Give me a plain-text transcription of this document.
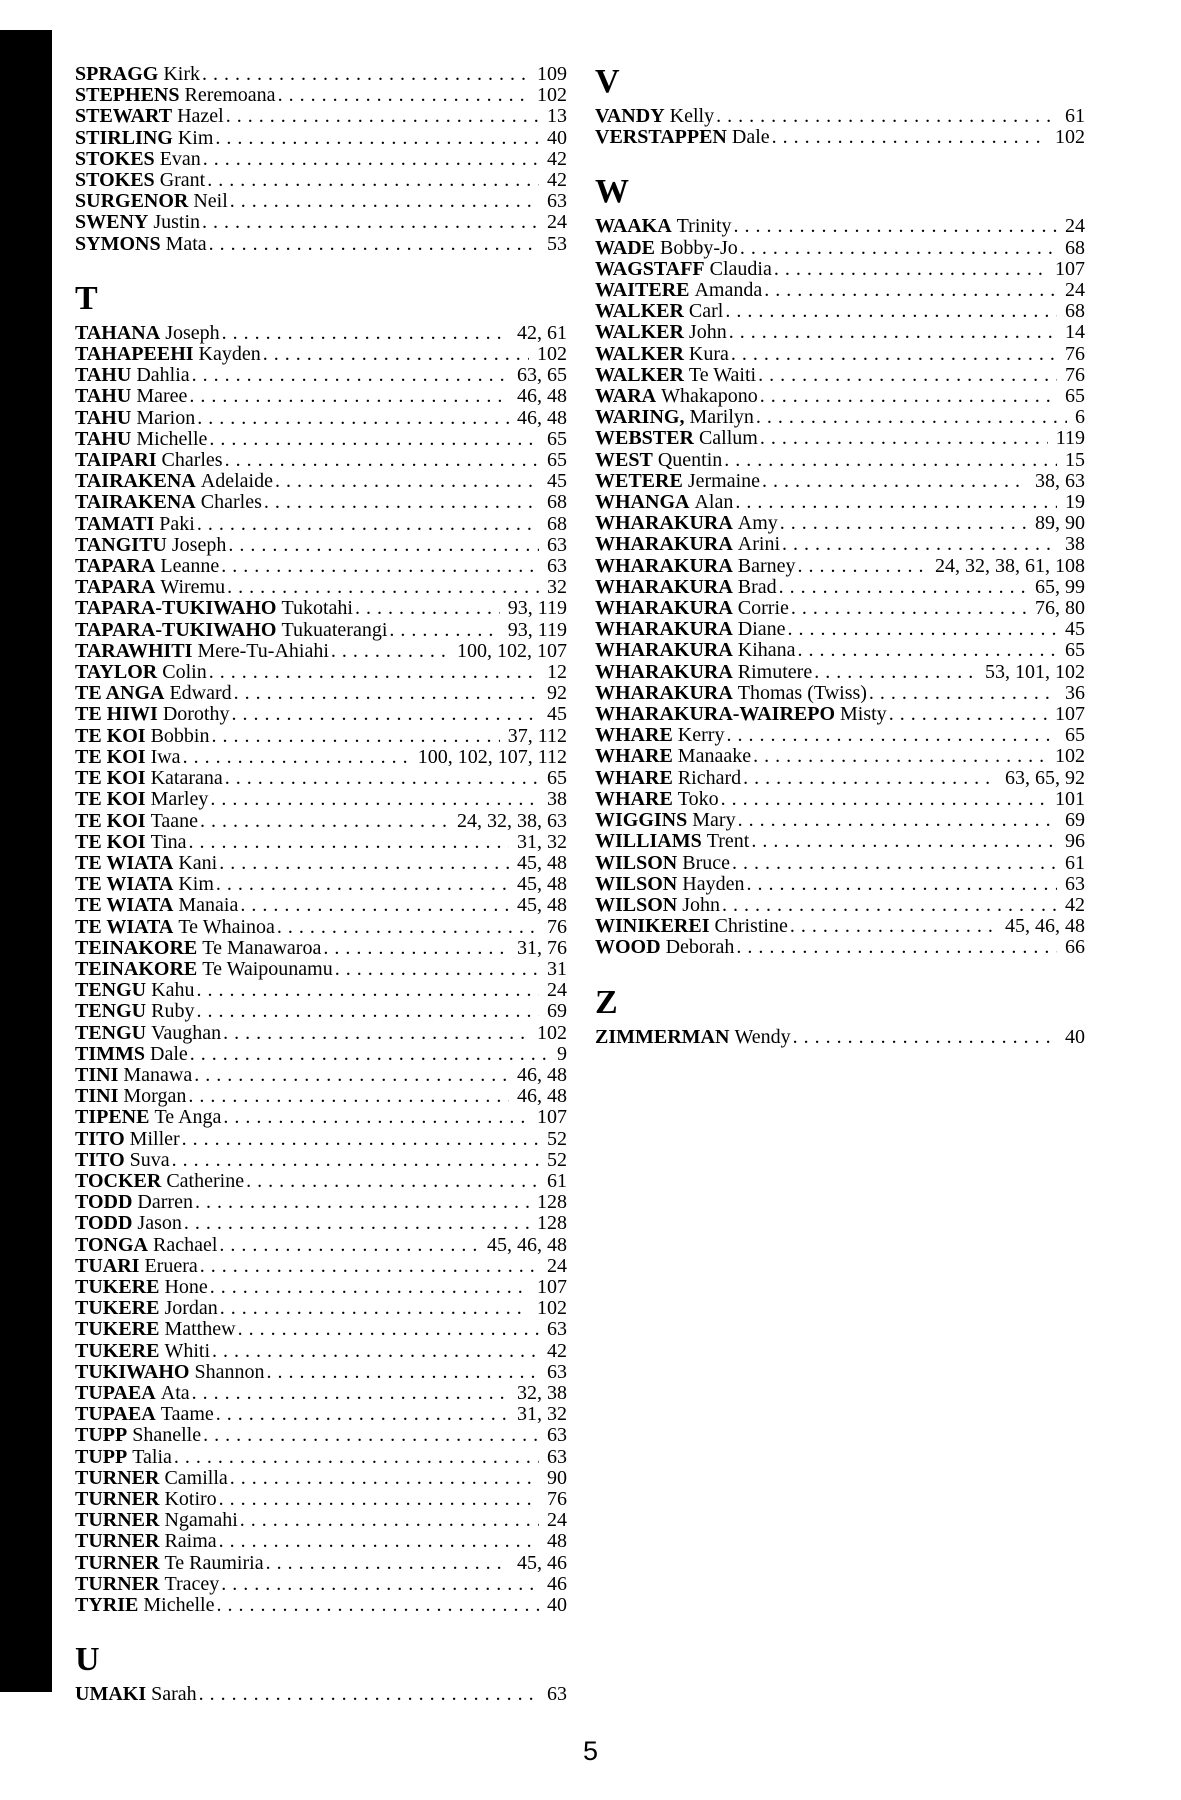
SPRAGG Kirk .....	109
STEPHENS Reremoana .....	102
STEWART Hazel .....	13
STIRLING Kim .....	40
STOKES Evan .....	42
STOKES Grant .....	42
SURGENOR Neil .....	63
SWENY Justin .....	24
SYMONS Mata .....	53
T
TAHANA Joseph .....	42, 61
TAHAPEEHI Kayden .....	102
TAHU Dahlia .....	63, 65
TAHU Maree .....	46, 48
TAHU Marion .....	46, 48
TAHU Michelle .....	65
TAIPARI Charles .....	65
TAIRAKENA Adelaide .....	45
TAIRAKENA Charles .....	68
TAMATI Paki .....	68
TANGITU Joseph .....	63
TAPARA Leanne .....	63
TAPARA Wiremu .....	32
TAPARA-TUKIWAHO Tukotahi .....	93, 119
TAPARA-TUKIWAHO Tukuaterangi .....	93, 119
TARAWHITI Mere-Tu-Ahiahi .....	100, 102, 107
TAYLOR Colin .....	12
TE ANGA Edward .....	92
TE HIWI Dorothy .....	45
TE KOI Bobbin .....	37, 112
TE KOI Iwa .....	100, 102, 107, 112
TE KOI Katarana .....	65
TE KOI Marley .....	38
TE KOI Taane .....	24, 32, 38, 63
TE KOI Tina .....	31, 32
TE WIATA Kani .....	45, 48
TE WIATA Kim .....	45, 48
TE WIATA Manaia .....	45, 48
TE WIATA Te Whainoa .....	76
TEINAKORE Te Manawaroa .....	31, 76
TEINAKORE Te Waipounamu .....	31
TENGU Kahu .....	24
TENGU Ruby .....	69
TENGU Vaughan .....	102
TIMMS Dale .....	9
TINI Manawa .....	46, 48
TINI Morgan .....	46, 48
TIPENE Te Anga .....	107
TITO Miller .....	52
TITO Suva .....	52
TOCKER Catherine .....	61
TODD Darren .....	128
TODD Jason .....	128
TONGA Rachael .....	45, 46, 48
TUARI Eruera .....	24
TUKERE Hone .....	107
TUKERE Jordan .....	102
TUKERE Matthew .....	63
TUKERE Whiti .....	42
TUKIWAHO Shannon .....	63
TUPAEA Ata .....	32, 38
TUPAEA Taame .....	31, 32
TUPP Shanelle .....	63
TUPP Talia .....	63
TURNER Camilla .....	90
TURNER Kotiro .....	76
TURNER Ngamahi .....	24
TURNER Raima .....	48
TURNER Te Raumiria .....	45, 46
TURNER Tracey .....	46
TYRIE Michelle .....	40
U
UMAKI Sarah .....	63
V
VANDY Kelly .....	61
VERSTAPPEN Dale .....	102
W
WAAKA Trinity .....	24
WADE Bobby-Jo .....	68
WAGSTAFF Claudia .....	107
WAITERE Amanda .....	24
WALKER Carl .....	68
WALKER John .....	14
WALKER Kura .....	76
WALKER Te Waiti .....	76
WARA Whakapono .....	65
WARING, Marilyn .....	6
WEBSTER Callum .....	119
WEST Quentin .....	15
WETERE Jermaine .....	38, 63
WHANGA Alan .....	19
WHARAKURA Amy .....	89, 90
WHARAKURA Arini .....	38
WHARAKURA Barney .....	24, 32, 38, 61, 108
WHARAKURA Brad .....	65, 99
WHARAKURA Corrie .....	76, 80
WHARAKURA Diane .....	45
WHARAKURA Kihana .....	65
WHARAKURA Rimutere .....	53, 101, 102
WHARAKURA Thomas (Twiss) .....	36
WHARAKURA-WAIREPO Misty .....	107
WHARE Kerry .....	65
WHARE Manaake .....	102
WHARE Richard .....	63, 65, 92
WHARE Toko .....	101
WIGGINS Mary .....	69
WILLIAMS Trent .....	96
WILSON Bruce .....	61
WILSON Hayden .....	63
WILSON John .....	42
WINIKEREI Christine .....	45, 46, 48
WOOD Deborah .....	66
Z
ZIMMERMAN Wendy .....	40
5
